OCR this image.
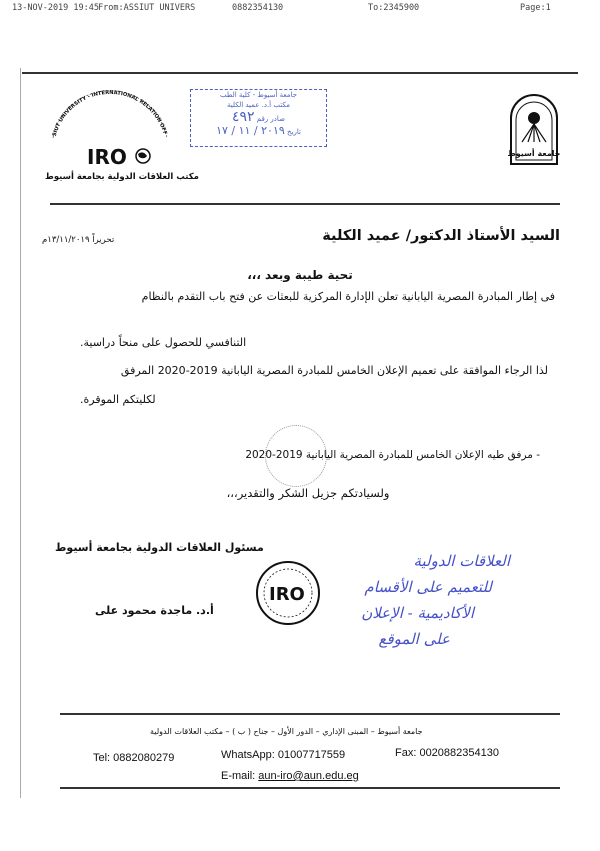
13-NOV-2019 19:45 From:ASSIUT UNIVERS	0882354130	To:2345900	Page:1
SIUT UNIVERSITY - INTERNATIONAL RELATION OFF
IRO
مكتب العلاقات الدولية بجامعة أسيوط
جامعة أسيوط - كلية الطب
مكتب أ.د. عميد الكلية
صادر رقم ٤٩٢
تاريخ ٢٠١٩ / ١١ / ١٧
جامعة أسيوط
السيد الأستاذ الدكتور/ عميد الكلية
تحريراً ١٣/١١/٢٠١٩م
تحية طيبة وبعد ،،،
فى إطار المبادرة المصرية اليابانية تعلن الإدارة المركزية للبعثات عن فتح باب التقدم بالنظام
التنافسي للحصول على منحاً دراسية.
لذا الرجاء الموافقة على تعميم الإعلان الخامس للمبادرة المصرية اليابانية 2019-2020 المرفق
لكليتكم الموقرة.
- مرفق طيه الإعلان الخامس للمبادرة المصرية اليابانية 2019-2020
ولسيادتكم جزيل الشكر والتقدير،،،
مسئول العلاقات الدولية بجامعة أسيوط
أ.د. ماجدة محمود على
IRO
العلاقات الدولية
للتعميم على الأقسام
الأكاديمية - الإعلان
على الموقع
جامعة أسيوط – المبنى الإداري – الدور الأول – جناح ( ب ) – مكتب العلاقات الدولية
Tel: 0882080279	WhatsApp: 01007717559	Fax: 0020882354130
E-mail: aun-iro@aun.edu.eg
